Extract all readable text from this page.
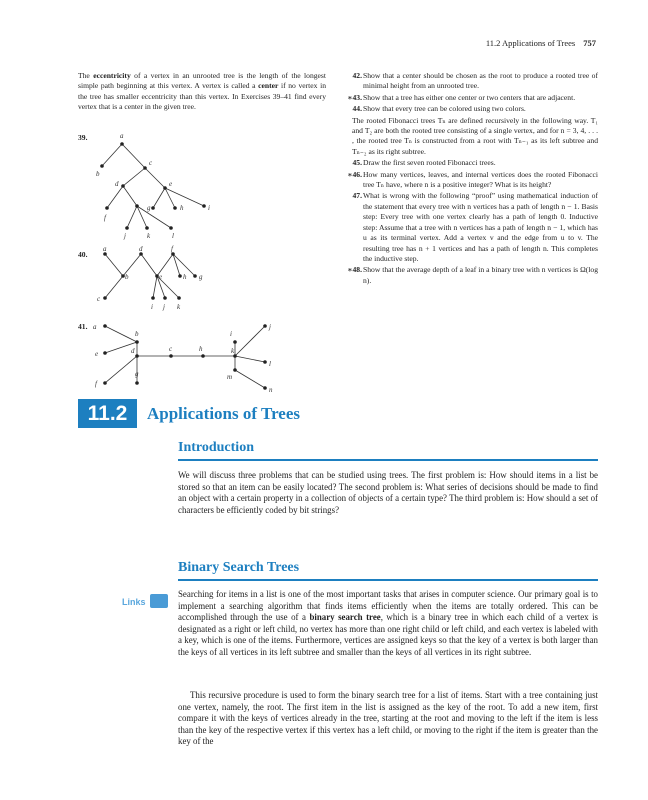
11.2 Applications of Trees 757

The eccentricity of a vertex in an unrooted tree is the length of the longest simple path beginning at this vertex. A vertex is called a center if no vertex in the tree has smaller eccentricity than this vertex. In Exercises 39–41 find every vertex that is a center in the given tree.

39.
40.
41.
a
b
c
d	e
f
g	h	i
j	k	l
a
b
c
d
e
f
g
h
i j k
a
b
c
d
e
f
g
h
i
j
k
l
m
n
42. Show that a center should be chosen as the root to produce a rooted tree of minimal height from an unrooted tree.
∗43. Show that a tree has either one center or two centers that are adjacent.
44. Show that every tree can be colored using two colors.
The rooted Fibonacci trees Tₙ are defined recursively in the following way. T₁ and T₂ are both the rooted tree consisting of a single vertex, and for n = 3, 4, . . . , the rooted tree Tₙ is constructed from a root with Tₙ₋₁ as its left subtree and Tₙ₋₂ as its right subtree.
45. Draw the first seven rooted Fibonacci trees.
∗46. How many vertices, leaves, and internal vertices does the rooted Fibonacci tree Tₙ have, where n is a positive integer? What is its height?
47. What is wrong with the following “proof” using mathematical induction of the statement that every tree with n vertices has a path of length n − 1. Basis step: Every tree with one vertex clearly has a path of length 0. Inductive step: Assume that a tree with n vertices has a path of length n − 1, which has u as its terminal vertex. Add a vertex v and the edge from u to v. The resulting tree has n + 1 vertices and has a path of length n. This completes the inductive step.
∗48. Show that the average depth of a leaf in a binary tree with n vertices is Ω(log n).
11.2	Applications of Trees
Introduction
We will discuss three problems that can be studied using trees. The first problem is: How should items in a list be stored so that an item can be easily located? The second problem is: What series of decisions should be made to find an object with a certain property in a collection of objects of a certain type? The third problem is: How should a set of characters be efficiently coded by bit strings?
Binary Search Trees
Links
Searching for items in a list is one of the most important tasks that arises in computer science. Our primary goal is to implement a searching algorithm that finds items efficiently when the items are totally ordered. This can be accomplished through the use of a binary search tree, which is a binary tree in which each child of a vertex is designated as a right or left child, no vertex has more than one right child or left child, and each vertex is labeled with a key, which is one of the items. Furthermore, vertices are assigned keys so that the key of a vertex is both larger than the keys of all vertices in its left subtree and smaller than the keys of all vertices in its right subtree.
This recursive procedure is used to form the binary search tree for a list of items. Start with a tree containing just one vertex, namely, the root. The first item in the list is assigned as the key of the root. To add a new item, first compare it with the keys of vertices already in the tree, starting at the root and moving to the left if the item is less than the key of the respective vertex if this vertex has a left child, or moving to the right if the item is greater than the key of the
